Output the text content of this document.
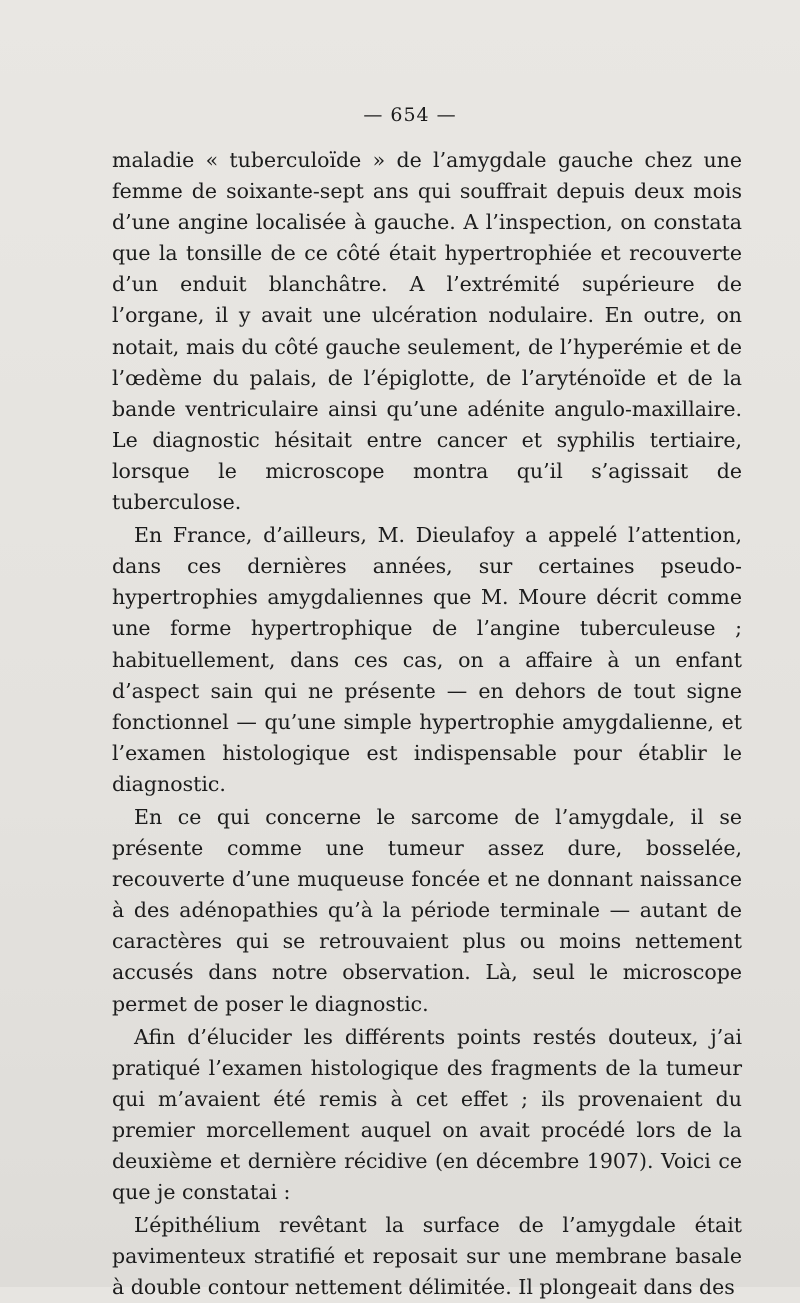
— 654 —

maladie « tuberculoïde » de l’amygdale gauche chez une femme de soixante-sept ans qui souffrait depuis deux mois d’une angine localisée à gauche. A l’inspection, on constata que la tonsille de ce côté était hypertrophiée et recouverte d’un enduit blanchâtre. A l’extrémité supérieure de l’organe, il y avait une ulcération nodulaire. En outre, on notait, mais du côté gauche seulement, de l’hyperémie et de l’œdème du palais, de l’épiglotte, de l’aryténoïde et de la bande ventriculaire ainsi qu’une adénite angulo-maxillaire. Le diagnostic hésitait entre cancer et syphilis tertiaire, lorsque le microscope montra qu’il s’agissait de tuberculose.

En France, d’ailleurs, M. Dieulafoy a appelé l’attention, dans ces dernières années, sur certaines pseudo-hypertrophies amygdaliennes que M. Moure décrit comme une forme hypertrophique de l’angine tuberculeuse ; habituellement, dans ces cas, on a affaire à un enfant d’aspect sain qui ne présente — en dehors de tout signe fonctionnel — qu’une simple hypertrophie amygdalienne, et l’examen histologique est indispensable pour établir le diagnostic.

En ce qui concerne le sarcome de l’amygdale, il se présente comme une tumeur assez dure, bosselée, recouverte d’une muqueuse foncée et ne donnant naissance à des adénopathies qu’à la période terminale — autant de caractères qui se retrouvaient plus ou moins nettement accusés dans notre observation. Là, seul le microscope permet de poser le diagnostic.

Afin d’élucider les différents points restés douteux, j’ai pratiqué l’examen histologique des fragments de la tumeur qui m’avaient été remis à cet effet ; ils provenaient du premier morcellement auquel on avait procédé lors de la deuxième et dernière récidive (en décembre 1907). Voici ce que je constatai :

L’épithélium revêtant la surface de l’amygdale était pavimenteux stratifié et reposait sur une membrane basale à double contour nettement délimitée. Il plongeait dans des
